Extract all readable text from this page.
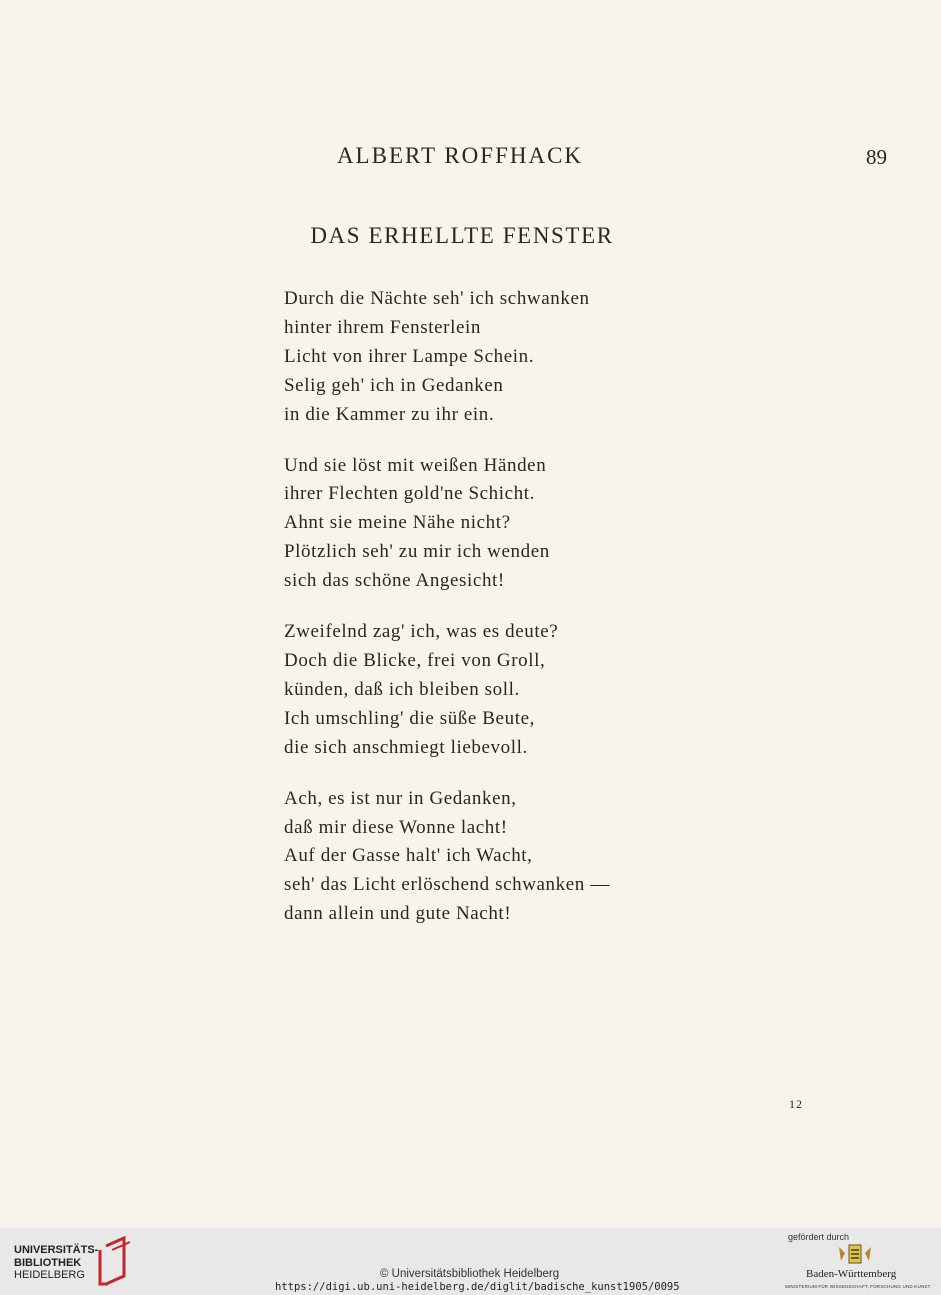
ALBERT ROFFHACK	89
DAS ERHELLTE FENSTER
Durch die Nächte seh' ich schwanken
hinter ihrem Fensterlein
Licht von ihrer Lampe Schein.
Selig geh' ich in Gedanken
in die Kammer zu ihr ein.
Und sie löst mit weißen Händen
ihrer Flechten gold'ne Schicht.
Ahnt sie meine Nähe nicht?
Plötzlich seh' zu mir ich wenden
sich das schöne Angesicht!
Zweifelnd zag' ich, was es deute?
Doch die Blicke, frei von Groll,
künden, daß ich bleiben soll.
Ich umschling' die süße Beute,
die sich anschmiegt liebevoll.
Ach, es ist nur in Gedanken,
daß mir diese Wonne lacht!
Auf der Gasse halt' ich Wacht,
seh' das Licht erlöschend schwanken —
dann allein und gute Nacht!
12
UNIVERSITÄTS-
BIBLIOTHEK
HEIDELBERG	© Universitätsbibliothek Heidelberg
https://digi.ub.uni-heidelberg.de/diglit/badische_kunst1905/0095
gefördert durch
Baden-Württemberg
MINISTERIUM FÜR WISSENSCHAFT, FORSCHUNG UND KUNST
